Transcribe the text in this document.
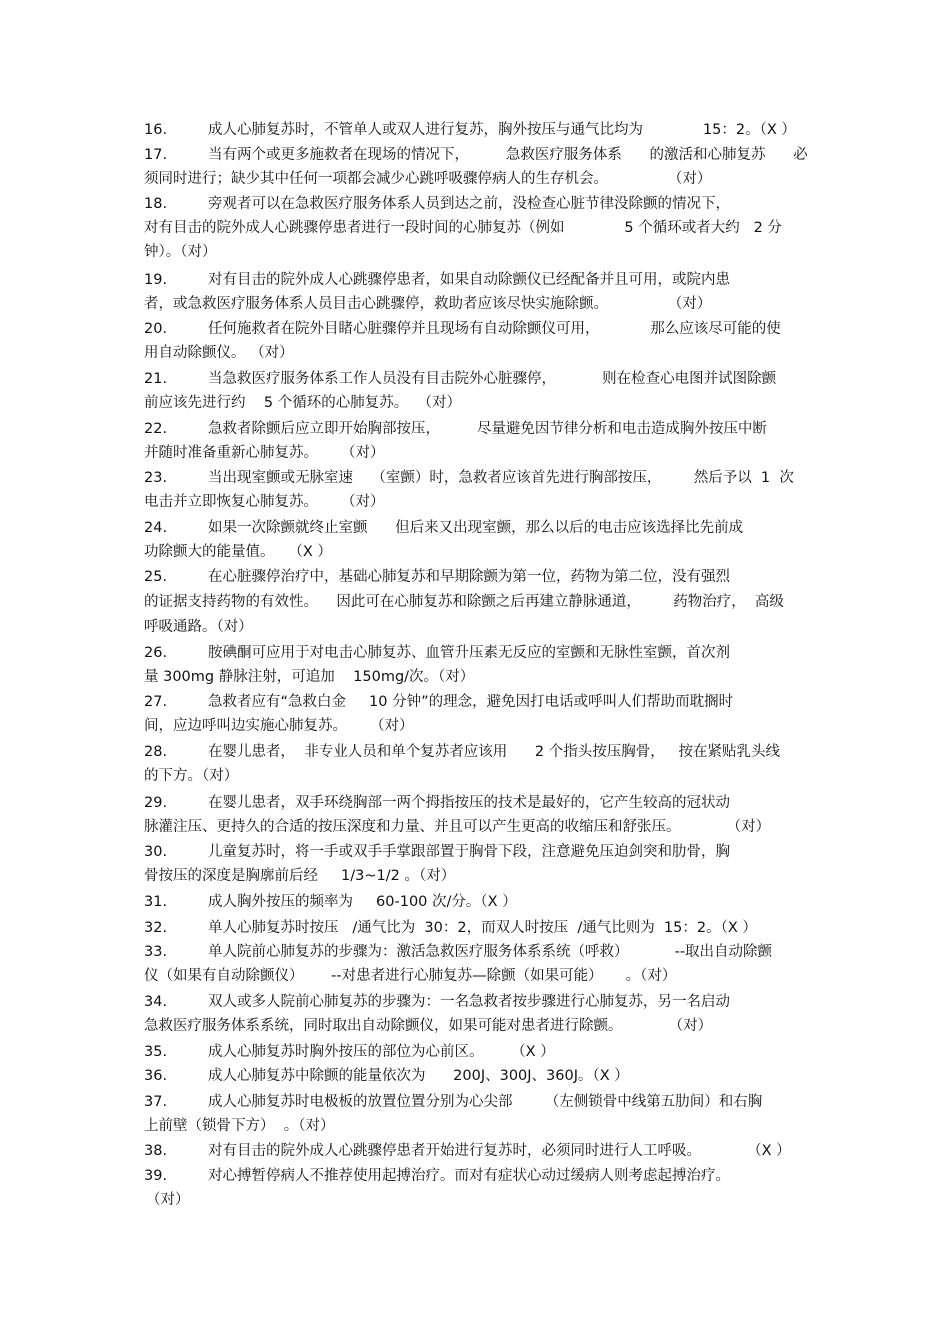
16.	成人心肺复苏时，不管单人或双人进行复苏，胸外按压与通气比均为             15：2。（X ）
17.	当有两个或更多施救者在现场的情况下，        急救医疗服务体系      的激活和心肺复苏      必
须同时进行；缺少其中任何一项都会减少心跳呼吸骤停病人的生存机会。             （对）
18.	旁观者可以在急救医疗服务体系人员到达之前，没检查心脏节律没除颤的情况下，
对有目击的院外成人心跳骤停患者进行一段时间的心肺复苏（例如             5 个循环或者大约   2 分
钟）。（对）
19.	对有目击的院外成人心跳骤停患者，如果自动除颤仪已经配备并且可用，或院内患
者，或急救医疗服务体系人员目击心跳骤停，救助者应该尽快实施除颤。             （对）
20.	任何施救者在院外目睹心脏骤停并且现场有自动除颤仪可用，           那么应该尽可能的使
用自动除颤仪。 （对）
21.	当急救医疗服务体系工作人员没有目击院外心脏骤停，          则在检查心电图并试图除颤
前应该先进行约    5 个循环的心肺复苏。  （对）
22.	急救者除颤后应立即开始胸部按压，        尽量避免因节律分析和电击造成胸外按压中断
并随时准备重新心肺复苏。     （对）
23.	当出现室颤或无脉室速    （室颤）时，急救者应该首先进行胸部按压，       然后予以  1  次
电击并立即恢复心肺复苏。     （对）
24.	如果一次除颤就终止室颤      但后来又出现室颤，那么以后的电击应该选择比先前成
功除颤大的能量值。   （X ）
25.	在心脏骤停治疗中，基础心肺复苏和早期除颤为第一位，药物为第二位，没有强烈
的证据支持药物的有效性。    因此可在心肺复苏和除颤之后再建立静脉通道，       药物治疗，  高级
呼吸通路。（对）
26.	胺碘酮可应用于对电击心肺复苏、血管升压素无反应的室颤和无脉性室颤，首次剂
量 300mg 静脉注射，可追加    150mg/次。（对）
27.	急救者应有“急救白金     10 分钟”的理念，避免因打电话或呼叫人们帮助而耽搁时
间，应边呼叫边实施心肺复苏。     （对）
28.	在婴儿患者，  非专业人员和单个复苏者应该用      2 个指头按压胸骨，   按在紧贴乳头线
的下方。（对）
29.	在婴儿患者，双手环绕胸部一两个拇指按压的技术是最好的，它产生较高的冠状动
脉灌注压、更持久的合适的按压深度和力量、并且可以产生更高的收缩压和舒张压。          （对）
30.	儿童复苏时，将一手或双手手掌跟部置于胸骨下段，注意避免压迫剑突和肋骨，胸
骨按压的深度是胸廓前后经     1/3~1/2 。（对）
31.	成人胸外按压的频率为     60-100 次/分。（X ）
32.	单人心肺复苏时按压   /通气比为  30：2，而双人时按压  /通气比则为  15：2。（X ）
33.	单人院前心肺复苏的步骤为：激活急救医疗服务体系系统（呼救）          --取出自动除颤
仪（如果有自动除颤仪）      --对患者进行心肺复苏—除颤（如果可能）     。（对）
34.	双人或多人院前心肺复苏的步骤为：一名急救者按步骤进行心肺复苏，另一名启动
急救医疗服务体系系统，同时取出自动除颤仪，如果可能对患者进行除颤。          （对）
35.	成人心肺复苏时胸外按压的部位为心前区。      （X ）
36.	成人心肺复苏中除颤的能量依次为      200J、300J、360J。（X ）
37.	成人心肺复苏时电极板的放置位置分别为心尖部       （左侧锁骨中线第五肋间）和右胸
上前壁（锁骨下方）  。（对）
38.	对有目击的院外成人心跳骤停患者开始进行复苏时，必须同时进行人工呼吸。          （X ）
39.	对心搏暂停病人不推荐使用起搏治疗。而对有症状心动过缓病人则考虑起搏治疗。
（对）
